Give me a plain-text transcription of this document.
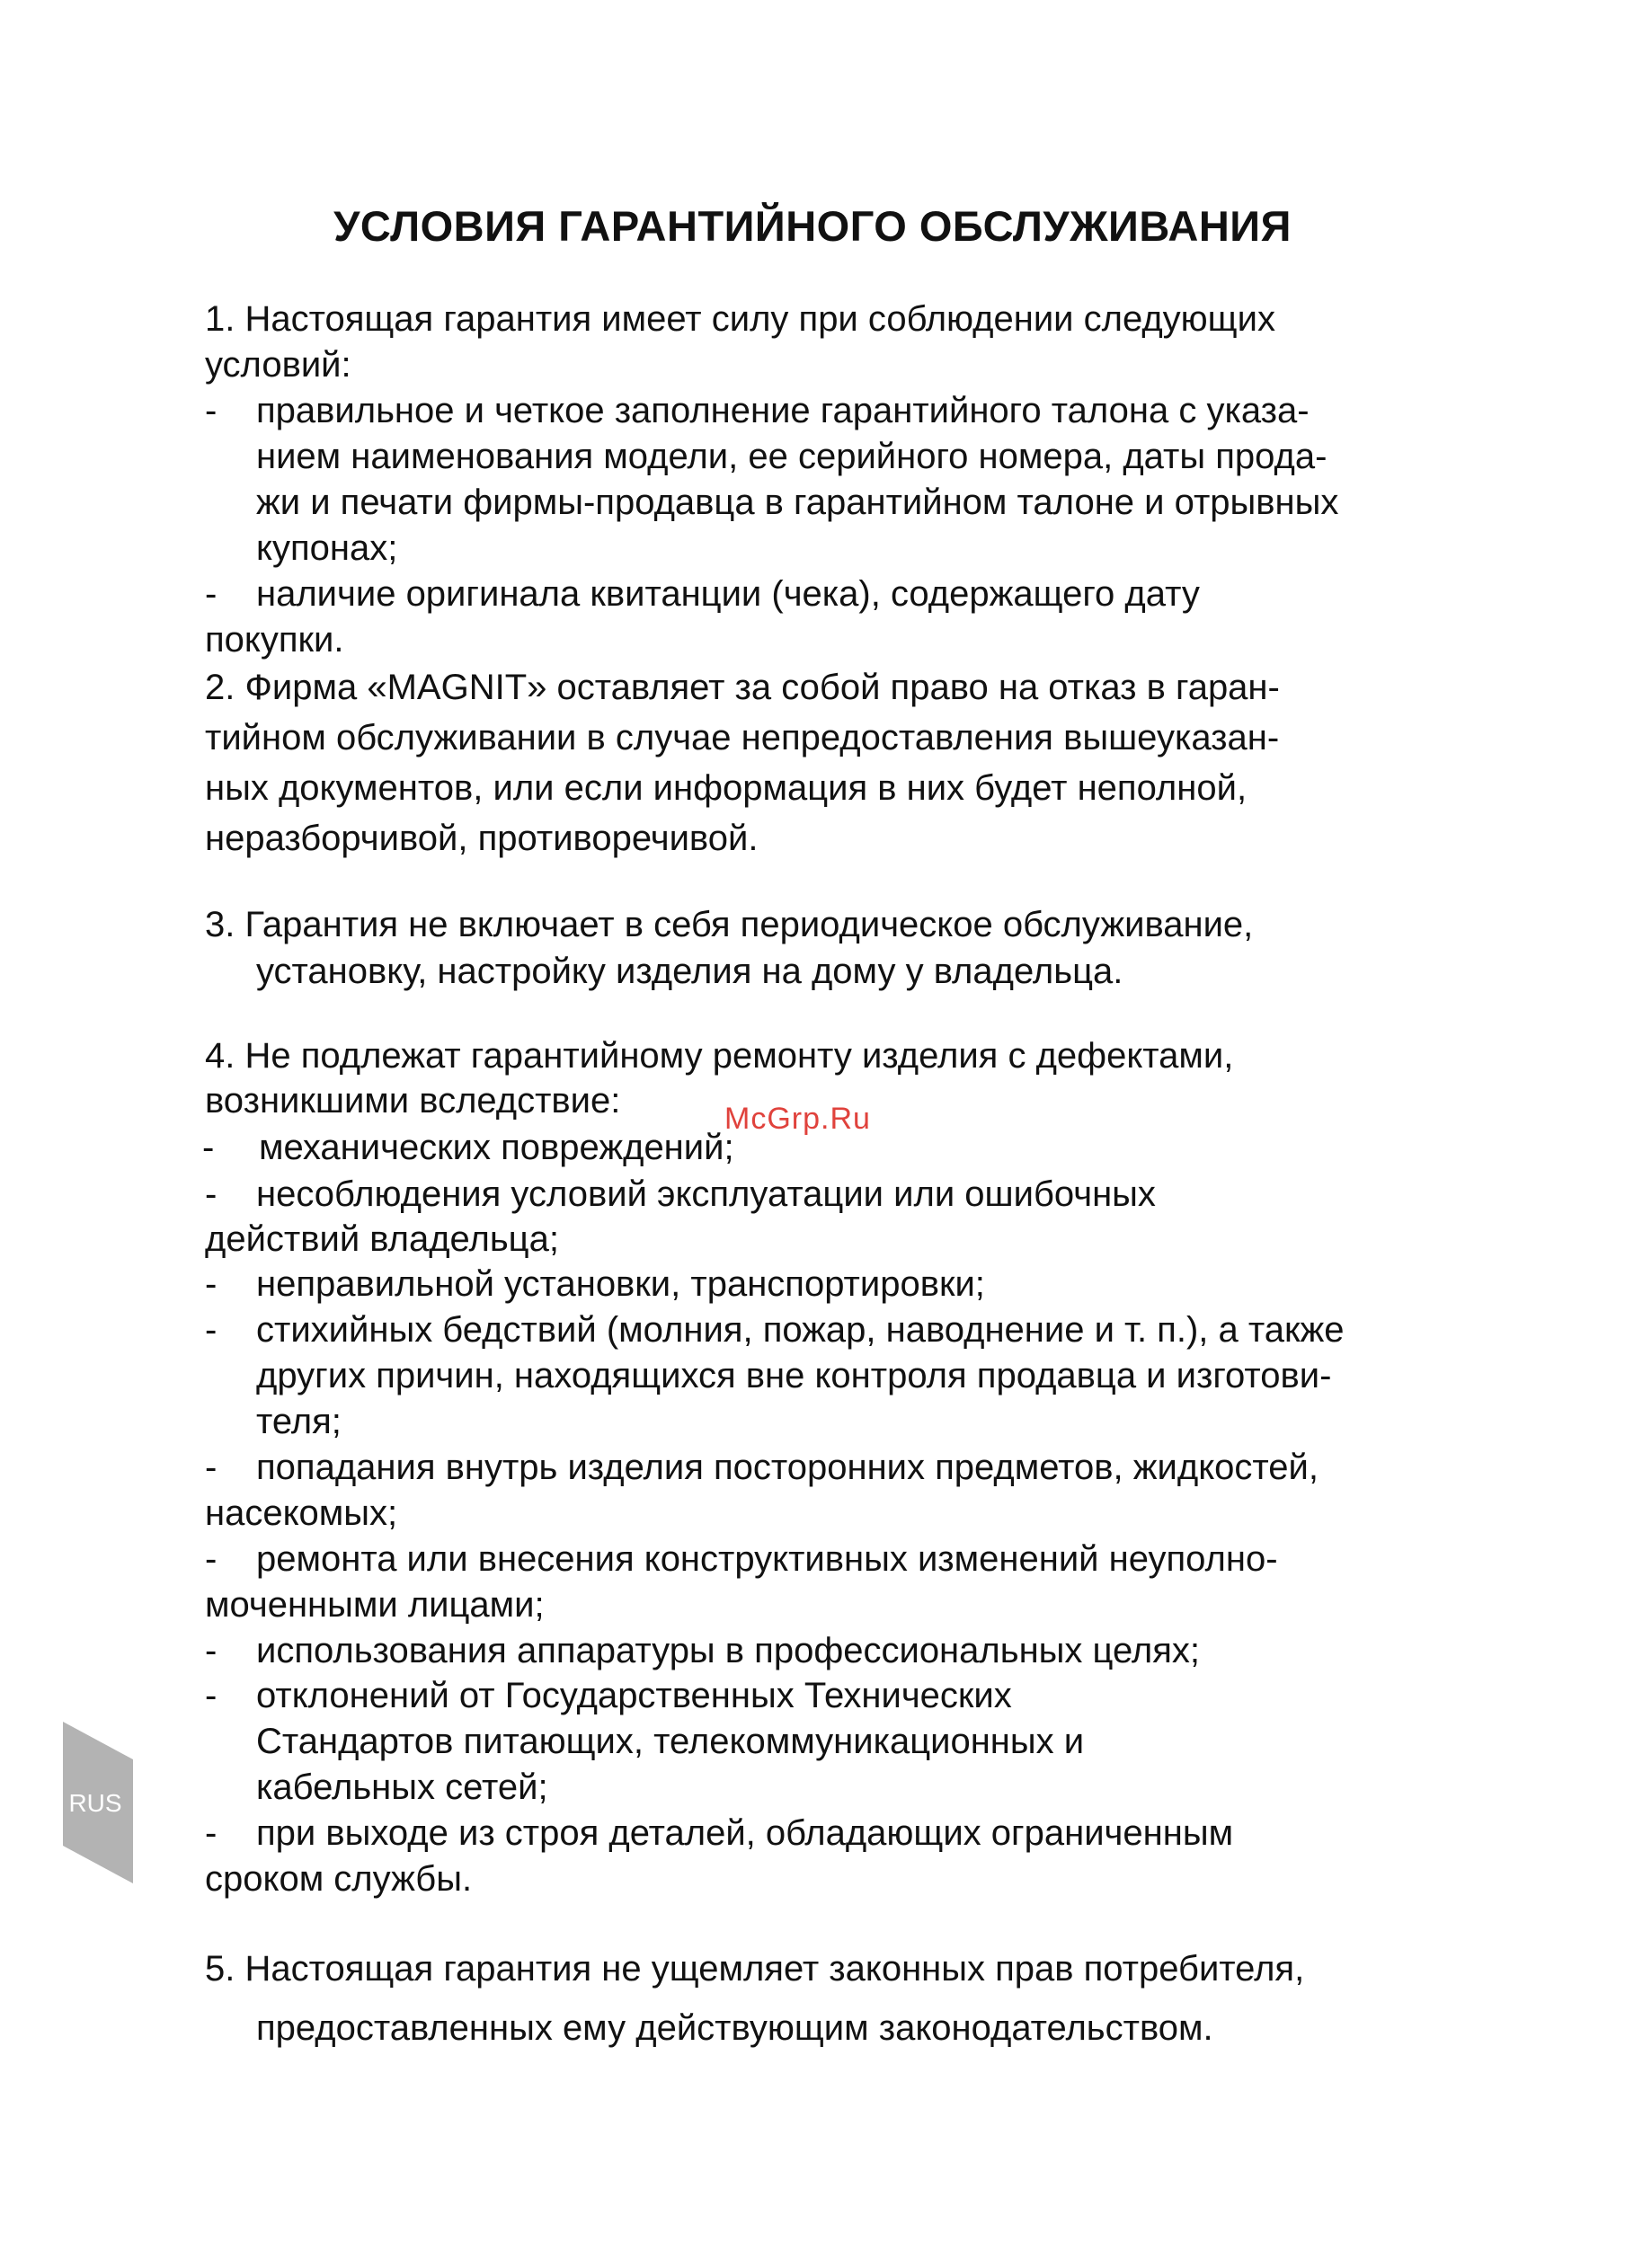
УСЛОВИЯ ГАРАНТИЙНОГО ОБСЛУЖИВАНИЯ

1. Настоящая гарантия имеет силу при соблюдении следующих

условий:

- правильное и четкое заполнение гарантийного талона с указа-

нием наименования модели, ее серийного номера, даты прода-

жи и печати фирмы-продавца в гарантийном талоне и отрывных

купонах;

- наличие оригинала квитанции (чека), содержащего дату

покупки.

2. Фирма «MAGNIT» оставляет за собой право на отказ в гаран-

тийном обслуживании в случае непредоставления вышеуказан-

ных документов, или если информация в них будет неполной,

неразборчивой, противоречивой.

3. Гарантия не включает в себя периодическое обслуживание,

установку, настройку изделия на дому у владельца.

4. Не подлежат гарантийному ремонту изделия с дефектами,

возникшими вследствие:

- механических повреждений;

- несоблюдения условий эксплуатации или ошибочных

действий владельца;

- неправильной установки, транспортировки;

- стихийных бедствий (молния, пожар, наводнение и т. п.), а также

других причин, находящихся вне контроля продавца и изготови-

теля;

- попадания внутрь изделия посторонних предметов, жидкостей,

насекомых;

- ремонта или внесения конструктивных изменений неуполно-

моченными лицами;

- использования аппаратуры в профессиональных целях;

- отклонений от Государственных Технических

Стандартов питающих, телекоммуникационных и

кабельных сетей;

- при выходе из строя деталей, обладающих ограниченным

сроком службы.

5. Настоящая гарантия не ущемляет законных прав потребителя,

предоставленных ему действующим законодательством.

McGrp.Ru
RUS
